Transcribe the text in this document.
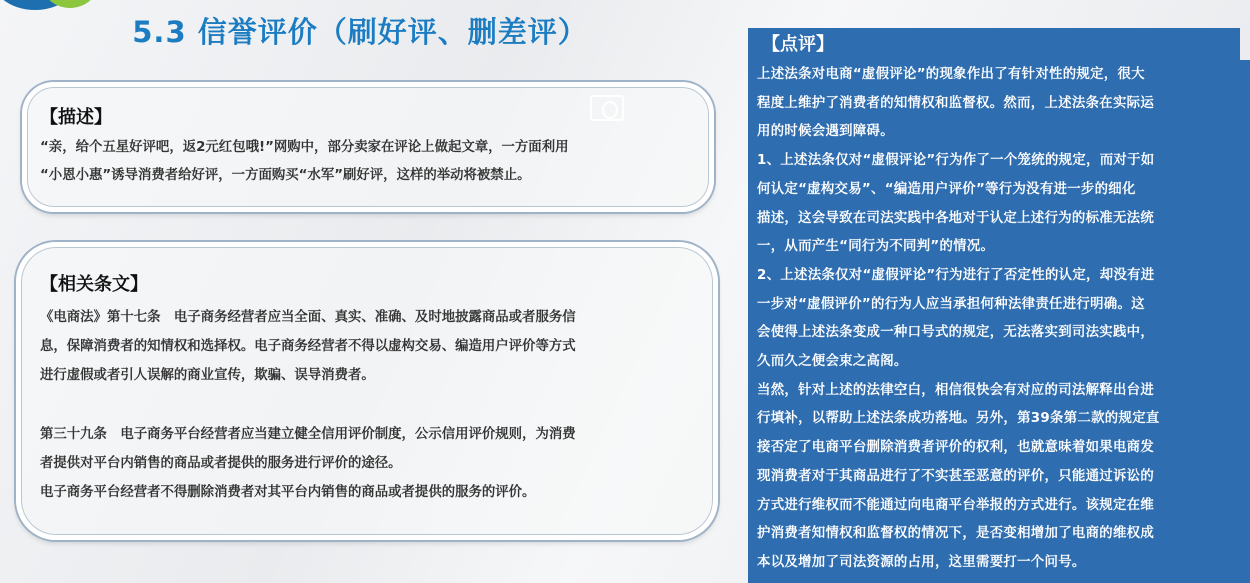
5.3 信誉评价（刷好评、删差评）
【描述】
“亲，给个五星好评吧，返2元红包哦!”网购中，部分卖家在评论上做起文章，一方面利用
“小恩小惠”诱导消费者给好评，一方面购买“水军”刷好评，这样的举动将被禁止。
【相关条文】
《电商法》第十七条　电子商务经营者应当全面、真实、准确、及时地披露商品或者服务信
息，保障消费者的知情权和选择权。电子商务经营者不得以虚构交易、编造用户评价等方式
进行虚假或者引人误解的商业宣传，欺骗、误导消费者。
第三十九条　电子商务平台经营者应当建立健全信用评价制度，公示信用评价规则，为消费
者提供对平台内销售的商品或者提供的服务进行评价的途径。
电子商务平台经营者不得删除消费者对其平台内销售的商品或者提供的服务的评价。
【点评】
上述法条对电商“虚假评论”的现象作出了有针对性的规定，很大
程度上维护了消费者的知情权和监督权。然而，上述法条在实际运
用的时候会遇到障碍。
1、上述法条仅对“虚假评论”行为作了一个笼统的规定，而对于如
何认定“虚构交易”、“编造用户评价”等行为没有进一步的细化
描述，这会导致在司法实践中各地对于认定上述行为的标准无法统
一，从而产生“同行为不同判”的情况。
2、上述法条仅对“虚假评论”行为进行了否定性的认定，却没有进
一步对“虚假评价”的行为人应当承担何种法律责任进行明确。这
会使得上述法条变成一种口号式的规定，无法落实到司法实践中，
久而久之便会束之高阁。
当然，针对上述的法律空白，相信很快会有对应的司法解释出台进
行填补，以帮助上述法条成功落地。另外，第39条第二款的规定直
接否定了电商平台删除消费者评价的权利，也就意味着如果电商发
现消费者对于其商品进行了不实甚至恶意的评价，只能通过诉讼的
方式进行维权而不能通过向电商平台举报的方式进行。该规定在维
护消费者知情权和监督权的情况下，是否变相增加了电商的维权成
本以及增加了司法资源的占用，这里需要打一个问号。
